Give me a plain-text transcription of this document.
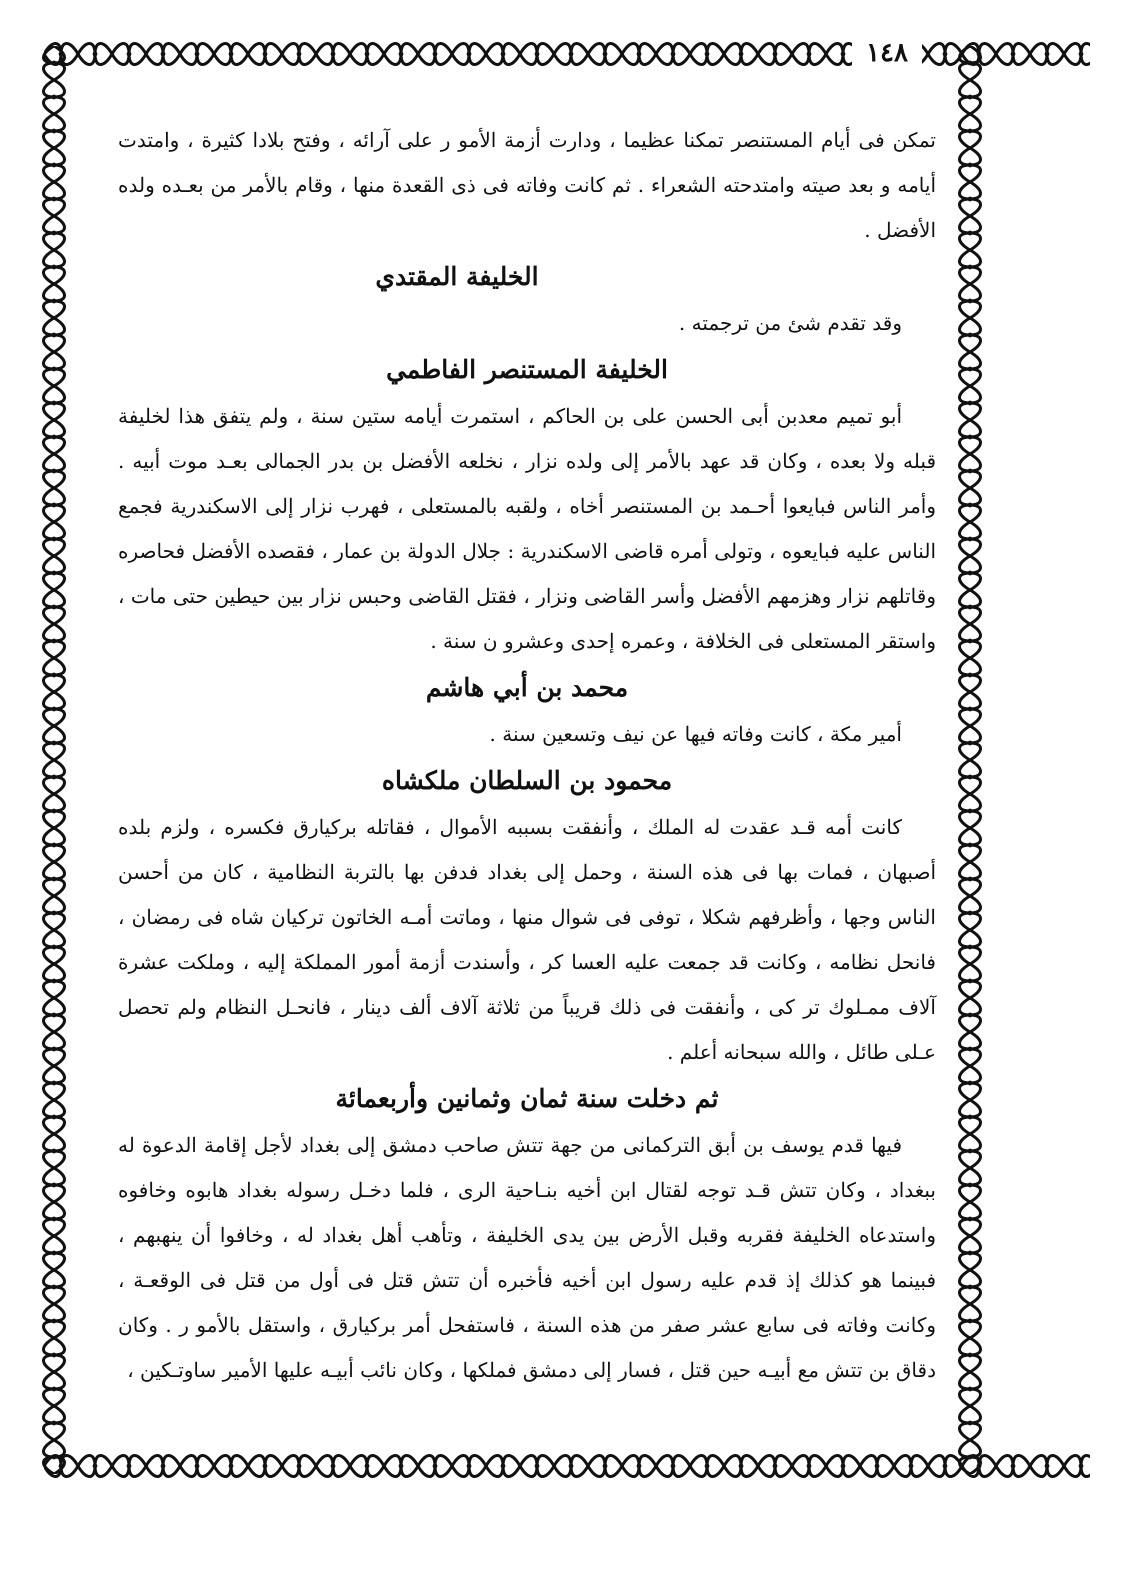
١٤٨

تمكن فى أيام المستنصر تمكنا عظيما ، ودارت أزمة الأمو ر على آرائه ، وفتح بلادا كثيرة ، وامتدت أيامه و بعد صيته وامتدحته الشعراء . ثم كانت وفاته فى ذى القعدة منها ، وقام بالأمر من بعـده ولده الأفضل .

الخليفة المقتدي

وقد تقدم شئ من ترجمته .

الخليفة المستنصر الفاطمي

أبو تميم معدبن أبى الحسن على بن الحاكم ، استمرت أيامه ستين سنة ، ولم يتفق هذا لخليفة قبله ولا بعده ، وكان قد عهد بالأمر إلى ولده نزار ، نخلعه الأفضل بن بدر الجمالى بعـد موت أبيه . وأمر الناس فبايعوا أحـمد بن المستنصر أخاه ، ولقبه بالمستعلى ، فهرب نزار إلى الاسكندرية فجمع الناس عليه فبايعوه ، وتولى أمره قاضى الاسكندرية : جلال الدولة بن عمار ، فقصده الأفضل فحاصره وقاتلهم نزار وهزمهم الأفضل وأسر القاضى ونزار ، فقتل القاضى وحبس نزار بين حيطين حتى مات ، واستقر المستعلى فى الخلافة ، وعمره إحدى وعشرو ن سنة .

محمد بن أبي هاشم

أمير مكة ، كانت وفاته فيها عن نيف وتسعين سنة .

محمود بن السلطان ملكشاه

كانت أمه قـد عقدت له الملك ، وأنفقت بسببه الأموال ، فقاتله بركيارق فكسره ، ولزم بلده أصبهان ، فمات بها فى هذه السنة ، وحمل إلى بغداد فدفن بها بالتربة النظامية ، كان من أحسن الناس وجها ، وأظرفهم شكلا ، توفى فى شوال منها ، وماتت أمـه الخاتون تركيان شاه فى رمضان ، فانحل نظامه ، وكانت قد جمعت عليه العسا كر ، وأسندت أزمة أمور المملكة إليه ، وملكت عشرة آلاف ممـلوك تر كى ، وأنفقت فى ذلك قريباً من ثلاثة آلاف ألف دينار ، فانحـل النظام ولم تحصل عـلى طائل ، والله سبحانه أعلم .

ثم دخلت سنة ثمان وثمانين وأربعمائة

فيها قدم يوسف بن أبق التركمانى من جهة تتش صاحب دمشق إلى بغداد لأجل إقامة الدعوة له ببغداد ، وكان تتش قـد توجه لقتال ابن أخيه بنـاحية الرى ، فلما دخـل رسوله بغداد هابوه وخافوه واستدعاه الخليفة فقربه وقبل الأرض بين يدى الخليفة ، وتأهب أهل بغداد له ، وخافوا أن ينهبهم ، فبينما هو كذلك إذ قدم عليه رسول ابن أخيه فأخبره أن تتش قتل فى أول من قتل فى الوقعـة ، وكانت وفاته فى سابع عشر صفر من هذه السنة ، فاستفحل أمر بركيارق ، واستقل بالأمو ر . وكان دقاق بن تتش مع أبيـه حين قتل ، فسار إلى دمشق فملكها ، وكان نائب أبيـه عليها الأمير ساوتـكين ،
